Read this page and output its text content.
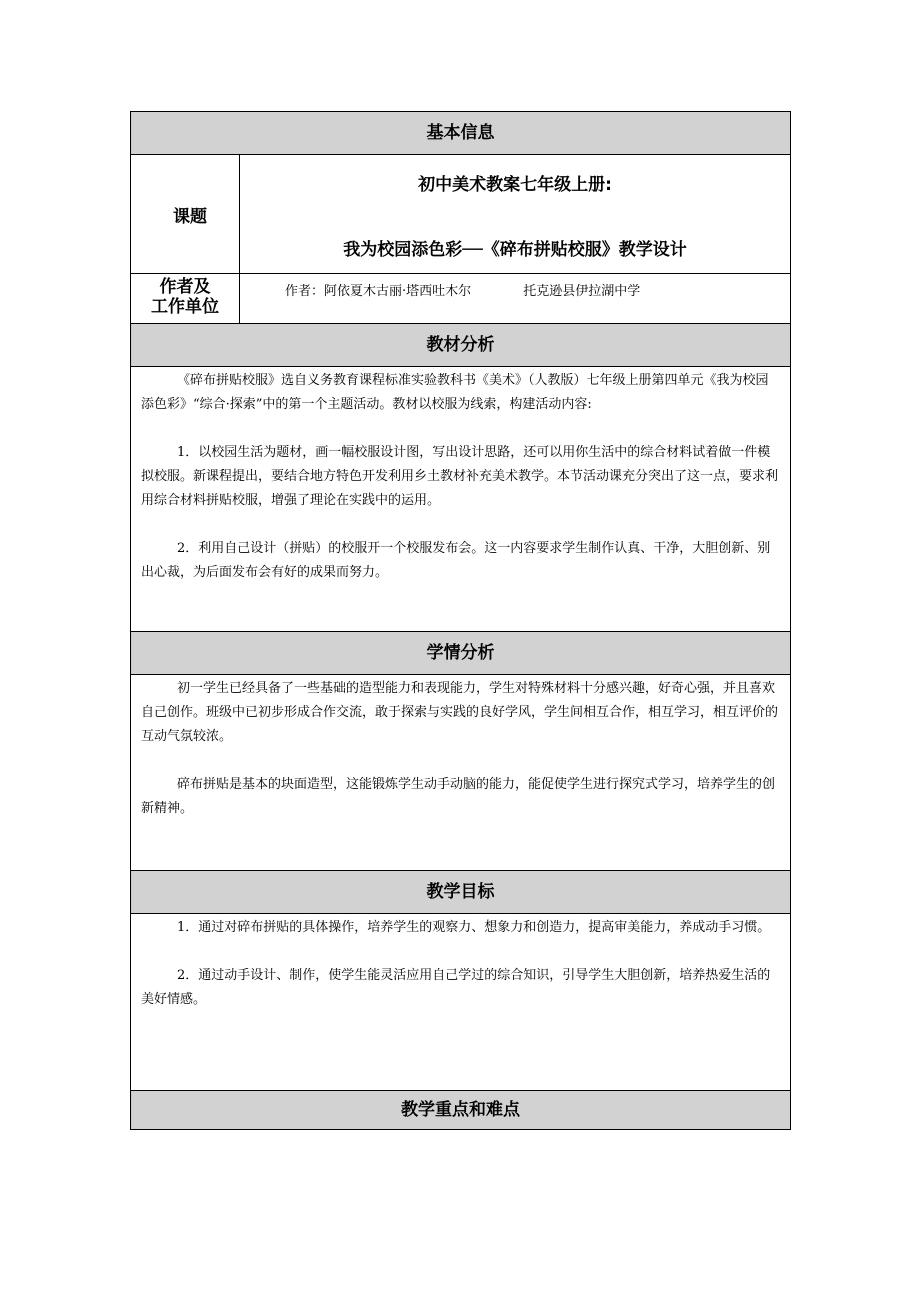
基本信息	
课题	初中美术教案七年级上册:
我为校园添色彩──《碎布拼贴校服》教学设计

作者及
工作单位	作者：阿依夏木古丽·塔西吐木尔 托克逊县伊拉湖中学
教材分析	

《碎布拼贴校服》选自义务教育课程标准实验教科书《美术》（人教版）七年级上册第四单元《我为校园添色彩》“综合·探索”中的第一个主题活动。教材以校服为线索，构建活动内容:

1．以校园生活为题材，画一幅校服设计图，写出设计思路，还可以用你生活中的综合材料试着做一件模拟校服。新课程提出，要结合地方特色开发利用乡土教材补充美术教学。本节活动课充分突出了这一点，要求利用综合材料拼贴校服，增强了理论在实践中的运用。

2．利用自己设计（拼贴）的校服开一个校服发布会。这一内容要求学生制作认真、干净，大胆创新、别出心裁，为后面发布会有好的成果而努力。	

学情分析	

初一学生已经具备了一些基础的造型能力和表现能力，学生对特殊材料十分感兴趣，好奇心强，并且喜欢自己创作。班级中已初步形成合作交流，敢于探索与实践的良好学风，学生间相互合作，相互学习，相互评价的互动气氛较浓。

碎布拼贴是基本的块面造型，这能锻炼学生动手动脑的能力，能促使学生进行探究式学习，培养学生的创新精神。	

教学目标	

1．通过对碎布拼贴的具体操作，培养学生的观察力、想象力和创造力，提高审美能力，养成动手习惯。

2．通过动手设计、制作，使学生能灵活应用自己学过的综合知识，引导学生大胆创新，培养热爱生活的美好情感。	

教学重点和难点	
